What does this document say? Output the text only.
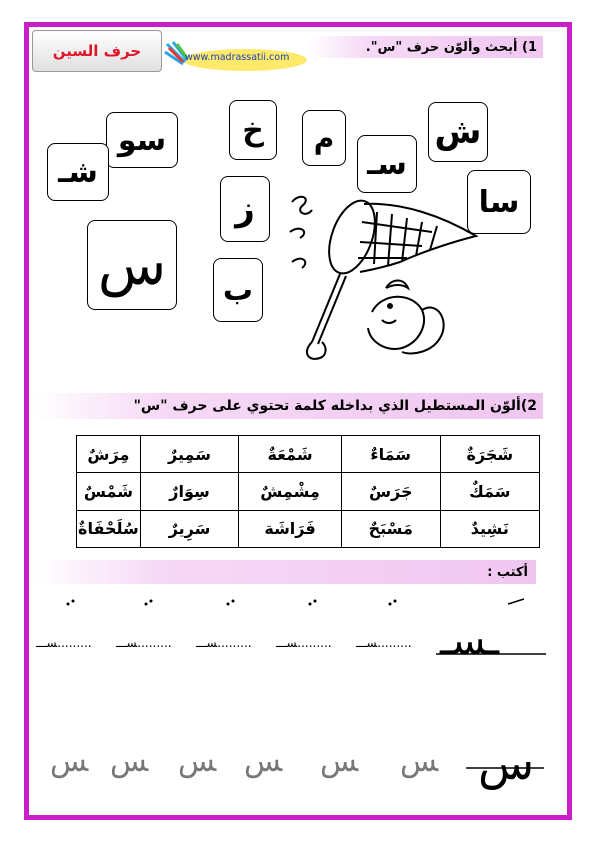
حرف السين	www.madrassatii.com
1) أبحث وألوّن حرف "س".
سو
شـ
س
خ
ز
ب
م
سـ
ش
سا
2)ألوّن المستطيل الذي بداخله كلمة تحتوي على حرف "س"
شَجَرَةٌ	سَمَاءٌ	شَمْعَةٌ	سَمِيرٌ	مِرَشٌ
سَمَكٌ	جَرَسٌ	مِشْمِشٌ	سِوَارٌ	شَمْسٌ
نَشِيدٌ	مَسْبَحٌ	فَرَاشَة	سَرِيرٌ	سُلَحْفَاةٌ
أكتب :
ـسـ
ﺴـــ......... ﺴـــ......... ﺴـــ......... ﺴـــ......... ﺴـــ.........
س
ﺲ ﺲ ﺲ ﺲ ﺲ ﺲ
